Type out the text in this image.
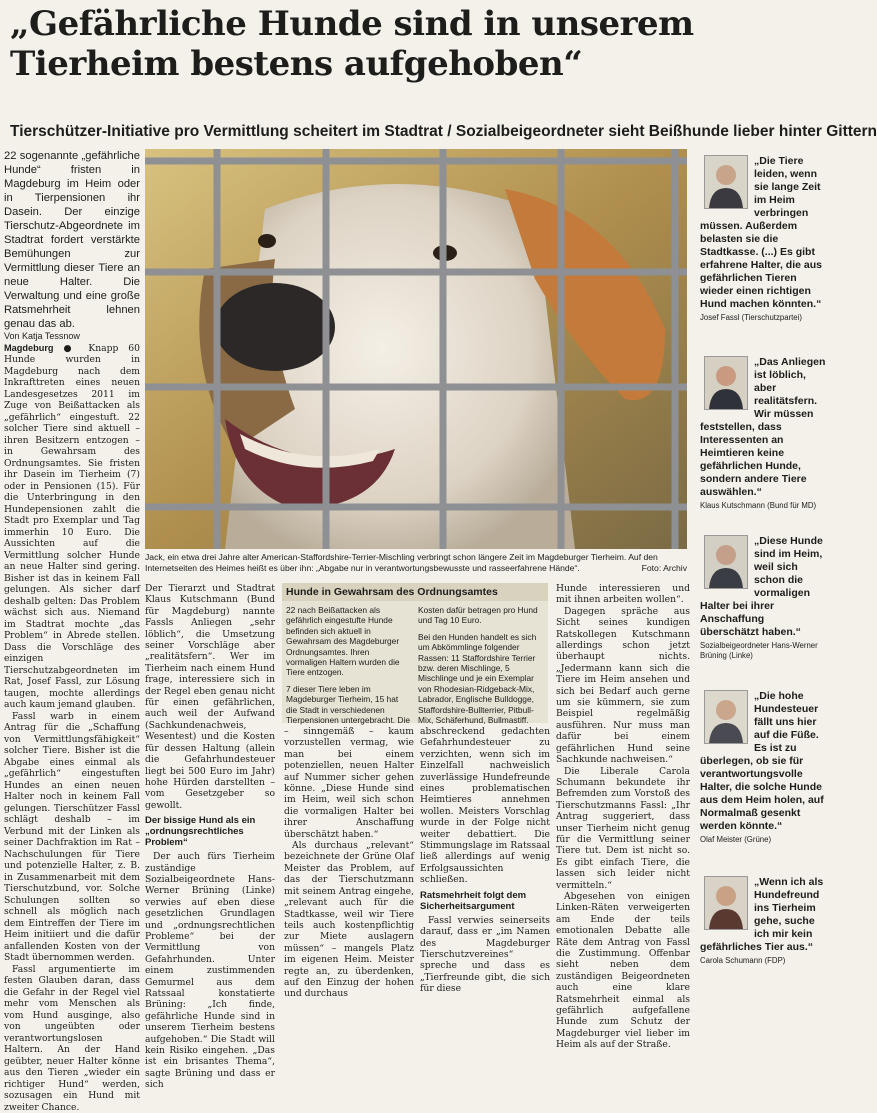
„Gefährliche Hunde sind in unserem Tierheim bestens aufgehoben“
Tierschützer-Initiative pro Vermittlung scheitert im Stadtrat / Sozialbeigeordneter sieht Beißhunde lieber hinter Gittern

22 sogenannte „gefährliche Hunde“ fristen in Magdeburg im Heim oder in Tierpensionen ihr Dasein. Der einzige Tierschutz-Abgeordnete im Stadtrat fordert verstärkte Bemühungen zur Vermittlung dieser Tiere an neue Halter. Die Verwaltung und eine große Ratsmehrheit lehnen genau das ab.

Von Katja Tessnow

Magdeburg ● Knapp 60 Hunde wurden in Magdeburg nach dem Inkrafttreten eines neuen Landesgesetzes 2011 im Zuge von Beißattacken als „gefährlich“ eingestuft. 22 solcher Tiere sind aktuell – ihren Besitzern entzogen – in Gewahrsam des Ordnungsamtes. Sie fristen ihr Dasein im Tierheim (7) oder in Pensionen (15). Für die Unterbringung in den Hundepensionen zahlt die Stadt pro Exemplar und Tag immerhin 10 Euro. Die Aussichten auf die Vermittlung solcher Hunde an neue Halter sind gering. Bisher ist das in keinem Fall gelungen. Als sicher darf deshalb gelten: Das Problem wächst sich aus. Niemand im Stadtrat mochte „das Problem“ in Abrede stellen. Dass die Vorschläge des einzigen Tierschutzabgeordneten im Rat, Josef Fassl, zur Lösung taugen, mochte allerdings auch kaum jemand glauben.

Fassl warb in einem Antrag für die „Schaffung von Vermittlungsfähigkeit“ solcher Tiere. Bisher ist die Abgabe eines einmal als „gefährlich“ eingestuften Hundes an einen neuen Halter noch in keinem Fall gelungen. Tierschützer Fassl schlägt deshalb – im Verbund mit der Linken als seiner Dachfraktion im Rat – Nachschulungen für Tiere und potenzielle Halter, z. B. in Zusammenarbeit mit dem Tierschutzbund, vor. Solche Schulungen sollten so schnell als möglich nach dem Eintreffen der Tiere im Heim initiiert und die dafür anfallenden Kosten von der Stadt übernommen werden.

Fassl argumentierte im festen Glauben daran, dass die Gefahr in der Regel viel mehr vom Menschen als vom Hund ausginge, also von ungeübten oder verantwortungslosen Haltern. An der Hand geübter, neuer Halter könne aus den Tieren „wieder ein richtiger Hund“ werden, sozusagen ein Hund mit zweiter Chance.

Jack, ein etwa drei Jahre alter American-Staffordshire-Terrier-Mischling verbringt schon längere Zeit im Magdeburger Tierheim. Auf den Internetseiten des Heimes heißt es über ihn: „Abgabe nur in verantwortungsbewusste und rasseerfahrene Hände“.	Foto: Archiv

Der Tierarzt und Stadtrat Klaus Kutschmann (Bund für Magdeburg) nannte Fassls Anliegen „sehr löblich“, die Umsetzung seiner Vorschläge aber „realitätsfern“. Wer im Tierheim nach einem Hund frage, interessiere sich in der Regel eben genau nicht für einen gefährlichen, auch weil der Aufwand (Sachkundenachweis, Wesentest) und die Kosten für dessen Haltung (allein die Gefahrhundesteuer liegt bei 500 Euro im Jahr) hohe Hürden darstellten – vom Gesetzgeber so gewollt.

Der bissige Hund als ein „ordnungsrechtliches Problem“

Der auch fürs Tierheim zuständige Sozialbeigeordnete Hans-Werner Brüning (Linke) verwies auf eben diese gesetzlichen Grundlagen und „ordnungsrechtlichen Probleme“ bei der Vermittlung von Gefahrhunden. Unter einem zustimmenden Gemurmel aus dem Ratssaal konstatierte Brüning: „Ich finde, gefährliche Hunde sind in unserem Tierheim bestens aufgehoben.“ Die Stadt will kein Risiko eingehen. „Das ist ein brisantes Thema“, sagte Brüning und dass er sich

Hunde in Gewahrsam des Ordnungsamtes

22 nach Beißattacken als gefährlich eingestufte Hunde befinden sich aktuell in Gewahrsam des Magdeburger Ordnungsamtes. Ihren vormaligen Haltern wurden die Tiere entzogen.

7 dieser Tiere leben im Magdeburger Tierheim, 15 hat die Stadt in verschiedenen Tierpensionen untergebracht. Die

Kosten dafür betragen pro Hund und Tag 10 Euro.

Bei den Hunden handelt es sich um Abkömmlinge folgender Rassen: 11 Staffordshire Terrier bzw. deren Mischlinge, 5 Mischlinge und je ein Exemplar von Rhodesian-Ridgeback-Mix, Labrador, Englische Bulldogge, Staffordshire-Bullterrier, Pitbull-Mix, Schäferhund, Bullmastiff.

– sinngemäß – kaum vorzustellen vermag, wie man bei einem potenziellen, neuen Halter auf Nummer sicher gehen könne. „Diese Hunde sind im Heim, weil sich schon die vormaligen Halter bei ihrer Anschaffung überschätzt haben.“

Als durchaus „relevant“ bezeichnete der Grüne Olaf Meister das Problem, auf das der Tierschutzmann mit seinem Antrag eingehe, „relevant auch für die Stadtkasse, weil wir Tiere teils auch kostenpflichtig zur Miete auslagern müssen“ – mangels Platz im eigenen Heim. Meister regte an, zu überdenken, auf den Einzug der hohen und durchaus

abschreckend gedachten Gefahrhundesteuer zu verzichten, wenn sich im Einzelfall nachweislich zuverlässige Hundefreunde eines problematischen Heimtieres annehmen wollen. Meisters Vorschlag wurde in der Folge nicht weiter debattiert. Die Stimmungslage im Ratssaal ließ allerdings auf wenig Erfolgsaussichten schließen.

Ratsmehrheit folgt dem Sicherheitsargument

Fassl verwies seinerseits darauf, dass er „im Namen des Magdeburger Tierschutzvereines“ spreche und dass es „Tierfreunde gibt, die sich für diese

Hunde interessieren und mit ihnen arbeiten wollen“.

Dagegen spräche aus Sicht seines kundigen Ratskollegen Kutschmann allerdings schon jetzt überhaupt nichts. „Jedermann kann sich die Tiere im Heim ansehen und sich bei Bedarf auch gerne um sie kümmern, sie zum Beispiel regelmäßig ausführen. Nur muss man dafür bei einem gefährlichen Hund seine Sachkunde nachweisen.“

Die Liberale Carola Schumann bekundete ihr Befremden zum Vorstoß des Tierschutzmanns Fassl: „Ihr Antrag suggeriert, dass unser Tierheim nicht genug für die Vermittlung seiner Tiere tut. Dem ist nicht so. Es gibt einfach Tiere, die lassen sich leider nicht vermitteln.“

Abgesehen von einigen Linken-Räten verweigerten am Ende der teils emotionalen Debatte alle Räte dem Antrag von Fassl die Zustimmung. Offenbar sieht neben dem zuständigen Beigeordneten auch eine klare Ratsmehrheit einmal als gefährlich aufgefallene Hunde zum Schutz der Magdeburger viel lieber im Heim als auf der Straße.

„Die Tiere leiden, wenn sie lange Zeit im Heim verbringen müssen. Außerdem belasten sie die Stadtkasse. (...) Es gibt erfahrene Halter, die aus gefährlichen Tieren wieder einen richtigen Hund machen könnten.“

Josef Fassl (Tierschutzpartei)

„Das Anliegen ist löblich, aber realitätsfern. Wir müssen feststellen, dass Interessenten an Heimtieren keine gefährlichen Hunde, sondern andere Tiere auswählen.“

Klaus Kutschmann (Bund für MD)

„Diese Hunde sind im Heim, weil sich schon die vormaligen Halter bei ihrer Anschaffung überschätzt haben.“

Sozialbeigeordneter Hans-Werner Brüning (Linke)

„Die hohe Hundesteuer fällt uns hier auf die Füße. Es ist zu überlegen, ob sie für verantwortungsvolle Halter, die solche Hunde aus dem Heim holen, auf Normalmaß gesenkt werden könnte.“

Olaf Meister (Grüne)

„Wenn ich als Hundefreund ins Tierheim gehe, suche ich mir kein gefährliches Tier aus.“

Carola Schumann (FDP)
